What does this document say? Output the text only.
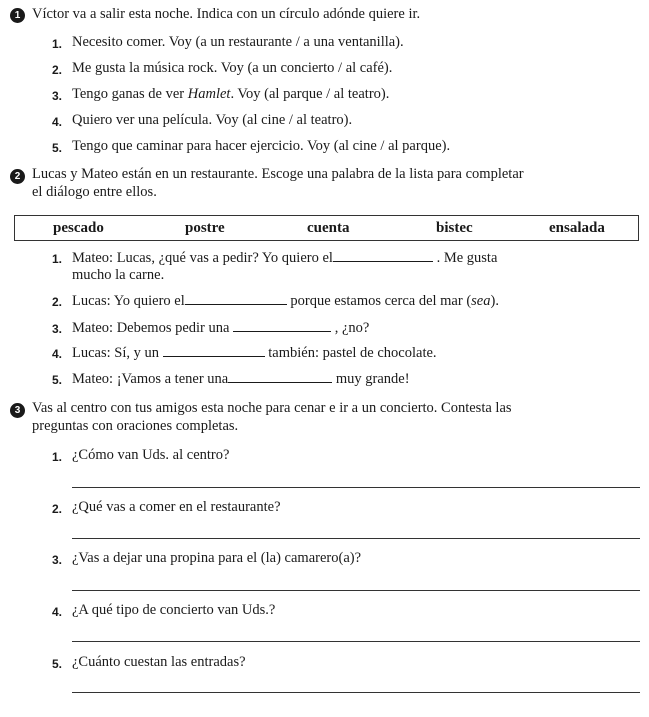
1 Víctor va a salir esta noche. Indica con un círculo adónde quiere ir.
1. Necesito comer. Voy (a un restaurante / a una ventanilla).
2. Me gusta la música rock. Voy (a un concierto / al café).
3. Tengo ganas de ver Hamlet. Voy (al parque / al teatro).
4. Quiero ver una película. Voy (al cine / al teatro).
5. Tengo que caminar para hacer ejercicio. Voy (al cine / al parque).
2 Lucas y Mateo están en un restaurante. Escoge una palabra de la lista para completar
el diálogo entre ellos.
pescado	postre	cuenta	bistec	ensalada
1. Mateo: Lucas, ¿qué vas a pedir? Yo quiero el	. Me gusta
mucho la carne.
2. Lucas: Yo quiero el	porque estamos cerca del mar (sea).
3. Mateo: Debemos pedir una	, ¿no?
4. Lucas: Sí, y un	también: pastel de chocolate.
5. Mateo: ¡Vamos a tener una	muy grande!
3 Vas al centro con tus amigos esta noche para cenar e ir a un concierto. Contesta las
preguntas con oraciones completas.
1. ¿Cómo van Uds. al centro?
2. ¿Qué vas a comer en el restaurante?
3. ¿Vas a dejar una propina para el (la) camarero(a)?
4. ¿A qué tipo de concierto van Uds.?
5. ¿Cuánto cuestan las entradas?
